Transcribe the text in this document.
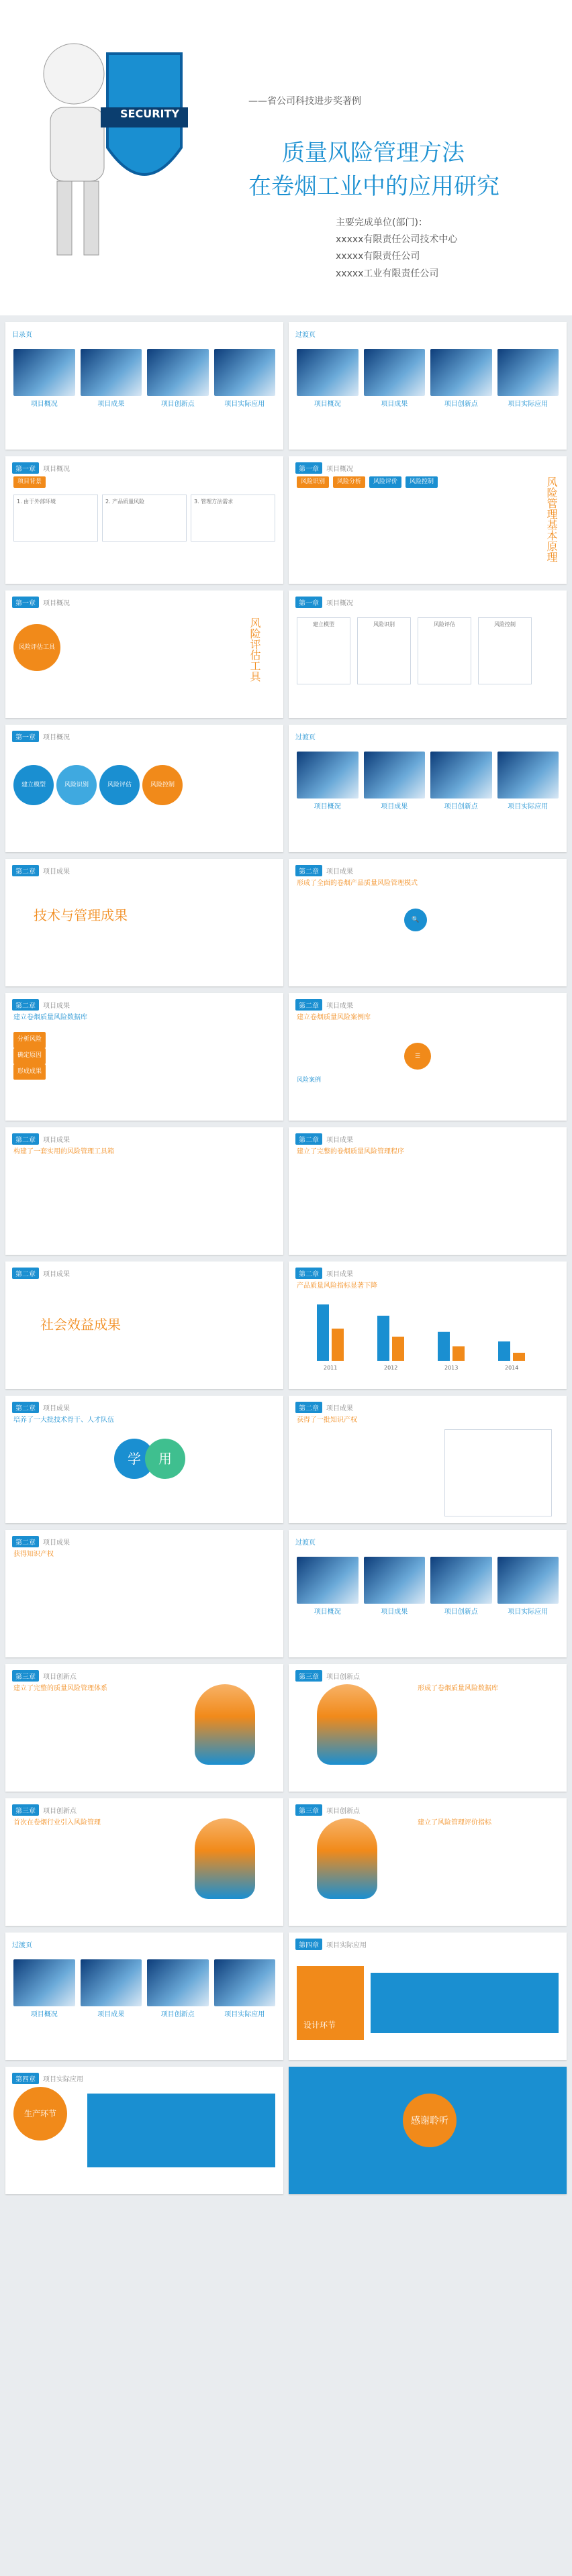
SECURITY
——省公司科技进步奖著例
质量风险管理方法
在卷烟工业中的应用研究
主要完成单位(部门)：
xxxxx有限责任公司技术中心
xxxxx有限责任公司
xxxxx工业有限责任公司
目录页
项目概况	项目成果	项目创新点	项目实际应用
过渡页
项目概况	项目成果	项目创新点	项目实际应用
第一章	项目概况
项目背景
1. 由于外部环境	2. 产品质量风险	3. 管理方法需求
第一章	项目概况
风险识别	风险分析	风险评价	风险控制	风险管理基本原理
第一章	项目概况
风险评估工具	风险评估工具
第一章	项目概况
建立模型	风险识别	风险评估	风险控制
第一章	项目概况
建立模型	风险识别	风险评估	风险控制
过渡页
项目概况	项目成果	项目创新点	项目实际应用
第二章	项目成果
技术与管理成果
第二章	项目成果
形成了全面的卷烟产品质量风险管理模式
🔍
第二章	项目成果
建立卷烟质量风险数据库
分析风险
确定原因
形成成果
第二章	项目成果
建立卷烟质量风险案例库
☰
风险案例
第二章	项目成果
构建了一套实用的风险管理工具箱
第二章	项目成果
建立了完整的卷烟质量风险管理程序
第二章	项目成果
社会效益成果
第二章	项目成果
产品质量风险指标显著下降
2011	2012	2013	2014
第二章	项目成果
培养了一大批技术骨干、人才队伍
学	用
第二章	项目成果
获得了一批知识产权
第二章	项目成果
获得知识产权
过渡页
项目概况	项目成果	项目创新点	项目实际应用
第三章	项目创新点
建立了完整的质量风险管理体系
第三章	项目创新点
形成了卷烟质量风险数据库
第三章	项目创新点
首次在卷烟行业引入风险管理
第三章	项目创新点
建立了风险管理评价指标
过渡页
项目概况	项目成果	项目创新点	项目实际应用
第四章	项目实际应用
设计环节
第四章	项目实际应用
生产环节
感谢聆听
